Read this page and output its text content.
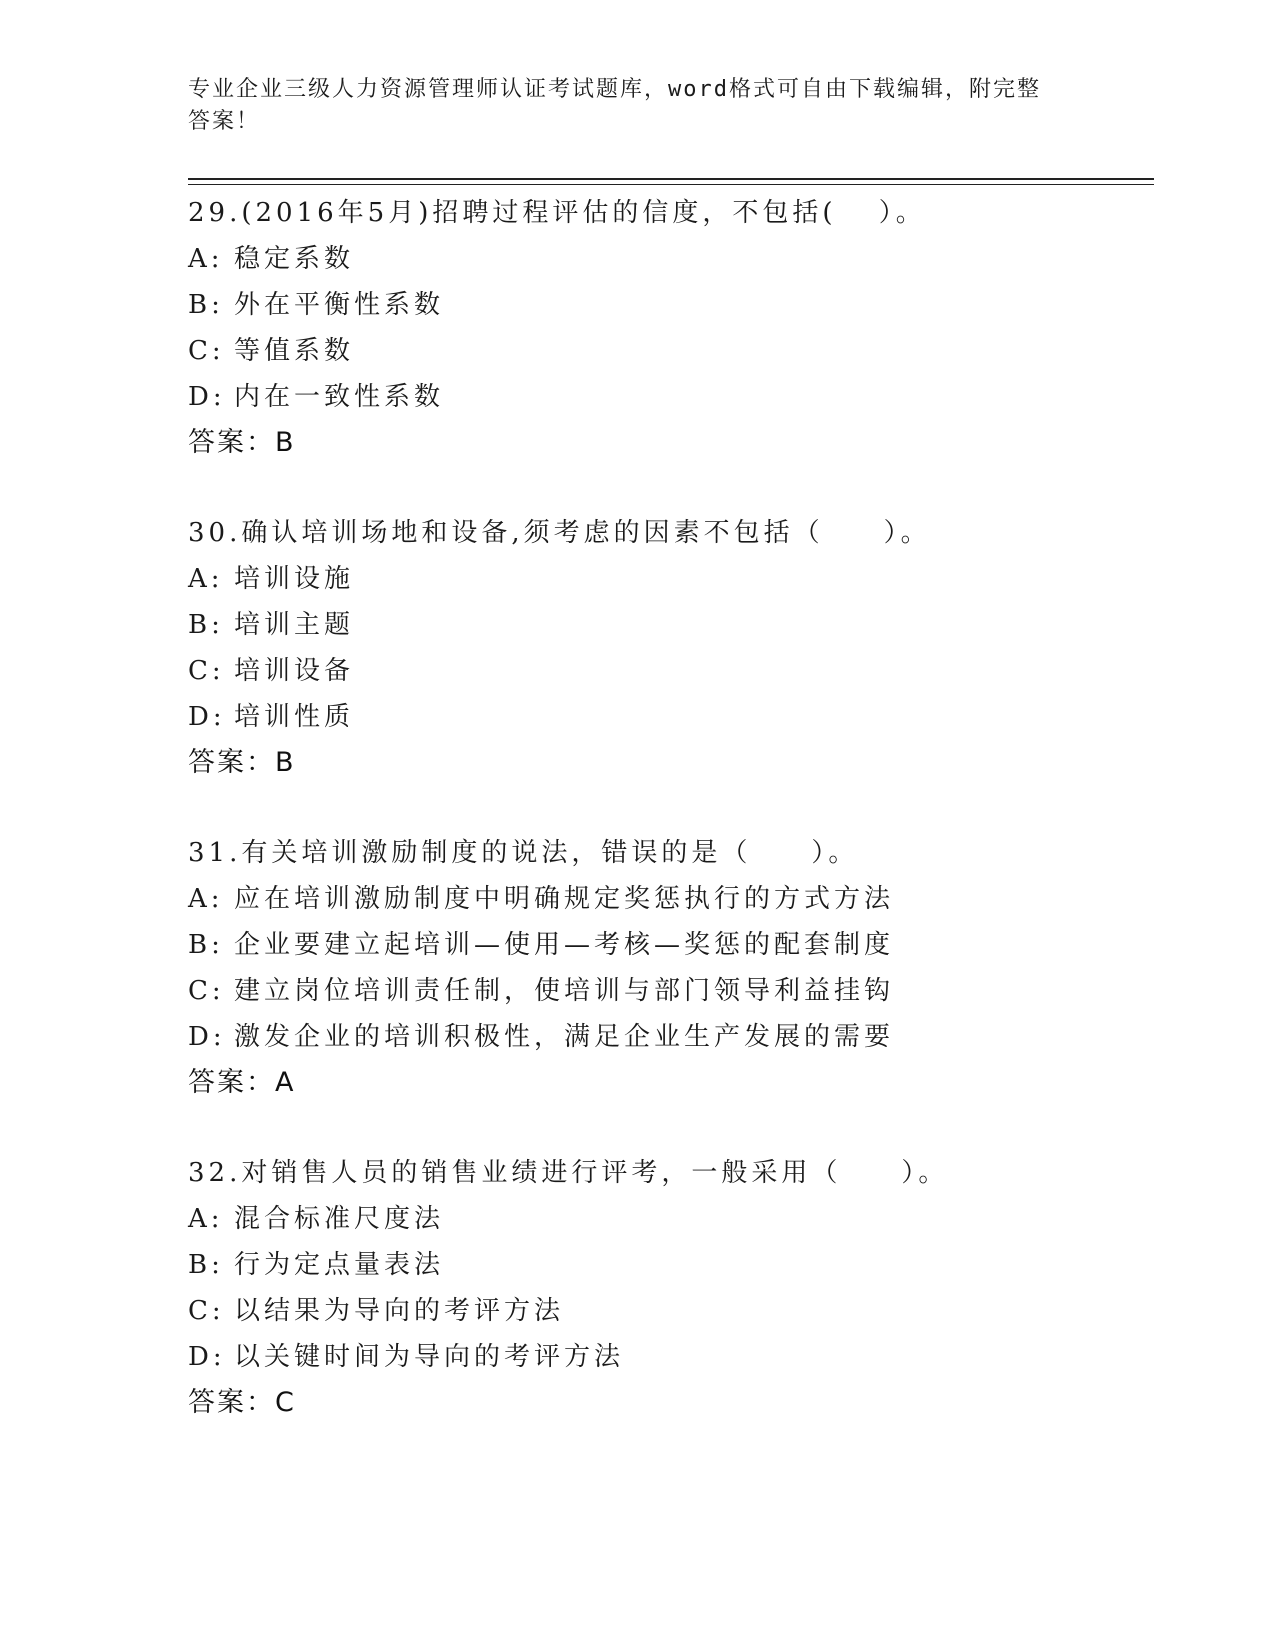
专业企业三级人力资源管理师认证考试题库，word格式可自由下载编辑，附完整
答案！
29.(2016年5月)招聘过程评估的信度，不包括(　 ）。
A: 稳定系数
B: 外在平衡性系数
C: 等值系数
D: 内在一致性系数
答案：B
30.确认培训场地和设备,须考虑的因素不包括（　　）。
A: 培训设施
B: 培训主题
C: 培训设备
D: 培训性质
答案：B
31.有关培训激励制度的说法，错误的是（　　）。
A: 应在培训激励制度中明确规定奖惩执行的方式方法
B: 企业要建立起培训—使用—考核—奖惩的配套制度
C: 建立岗位培训责任制，使培训与部门领导利益挂钩
D: 激发企业的培训积极性，满足企业生产发展的需要
答案：A
32.对销售人员的销售业绩进行评考，一般采用（　　）。
A: 混合标准尺度法
B: 行为定点量表法
C: 以结果为导向的考评方法
D: 以关键时间为导向的考评方法
答案：C
